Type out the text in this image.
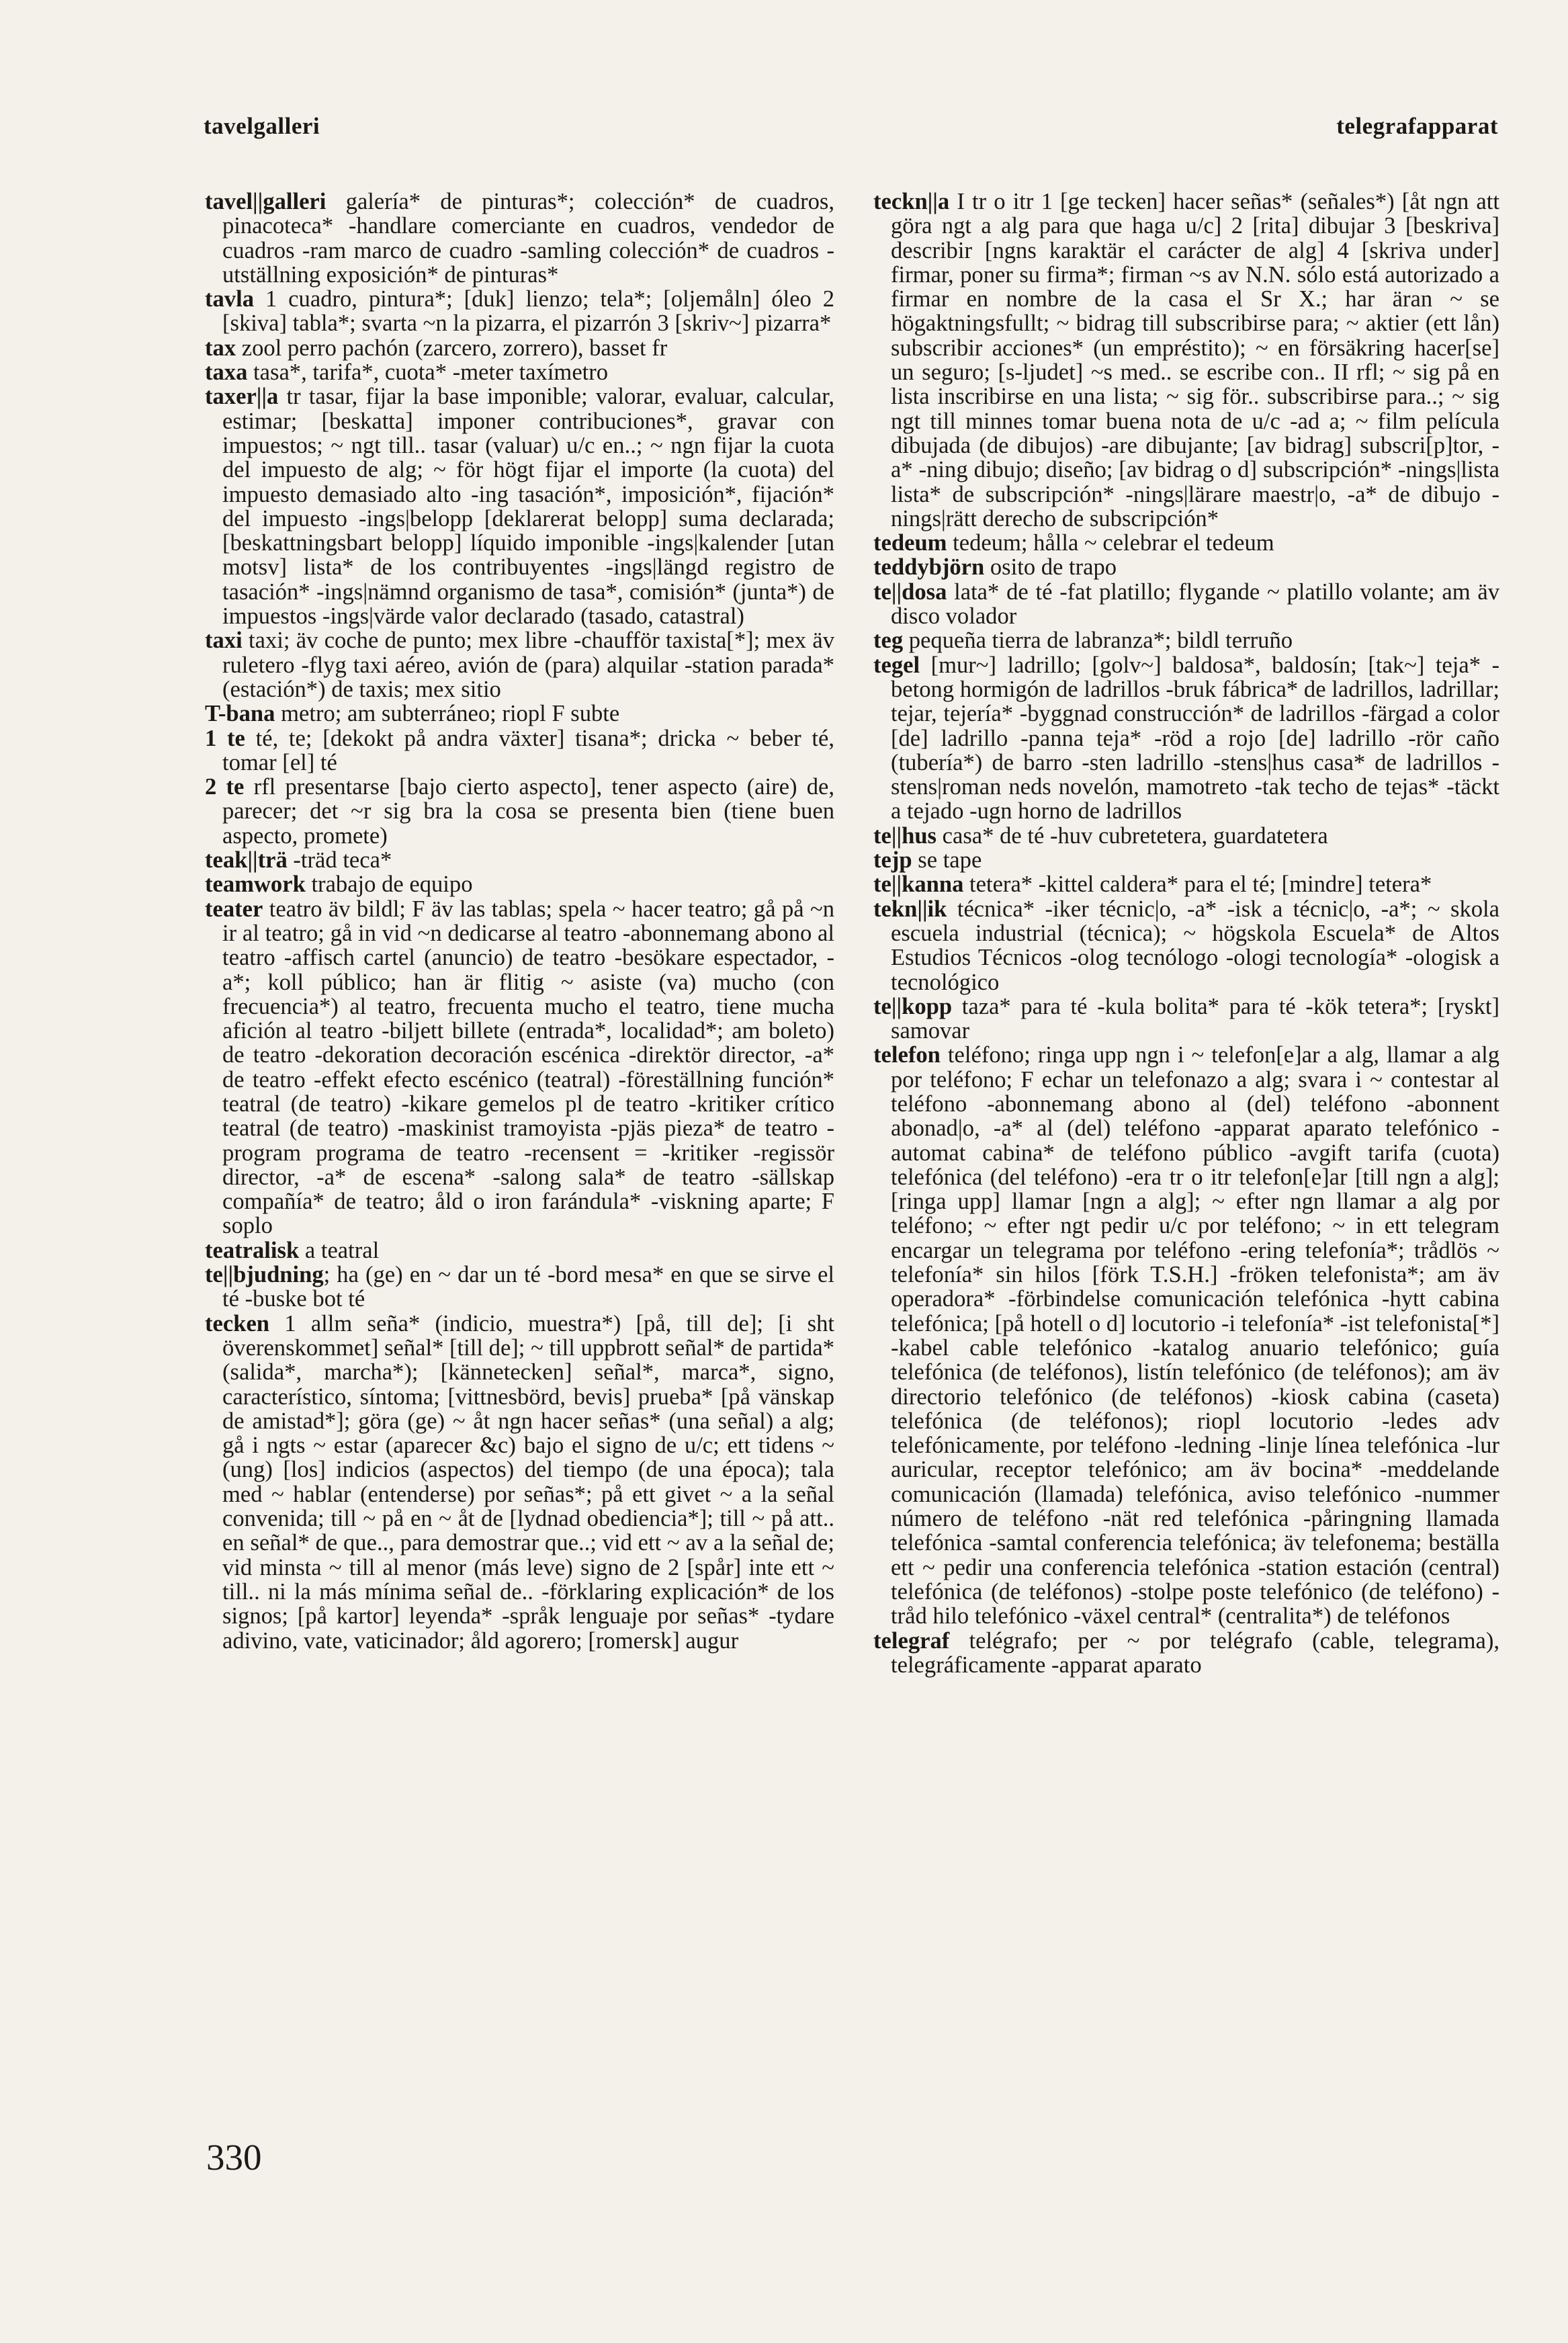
tavelgalleri	telegrafapparat

tavel||galleri galería* de pinturas*; colección* de cuadros, pinacoteca* -handlare comerciante en cuadros, vendedor de cuadros -ram marco de cuadro -samling colección* de cuadros -utställning exposición* de pinturas*

tavla 1 cuadro, pintura*; [duk] lienzo; tela*; [oljemåln] óleo 2 [skiva] tabla*; svarta ~n la pizarra, el pizarrón 3 [skriv~] pizarra*

tax zool perro pachón (zarcero, zorrero), basset fr

taxa tasa*, tarifa*, cuota* -meter taxímetro

taxer||a tr tasar, fijar la base imponible; valorar, evaluar, calcular, estimar; [beskatta] imponer contribuciones*, gravar con impuestos; ~ ngt till.. tasar (valuar) u/c en..; ~ ngn fijar la cuota del impuesto de alg; ~ för högt fijar el importe (la cuota) del impuesto demasiado alto -ing tasación*, imposición*, fijación* del impuesto -ings|belopp [deklarerat belopp] suma declarada; [beskattningsbart belopp] líquido imponible -ings|kalender [utan motsv] lista* de los contribuyentes -ings|längd registro de tasación* -ings|nämnd organismo de tasa*, comisión* (junta*) de impuestos -ings|värde valor declarado (tasado, catastral)

taxi taxi; äv coche de punto; mex libre -chaufför taxista[*]; mex äv ruletero -flyg taxi aéreo, avión de (para) alquilar -station parada* (estación*) de taxis; mex sitio

T-bana metro; am subterráneo; riopl F subte

1 te té, te; [dekokt på andra växter] tisana*; dricka ~ beber té, tomar [el] té

2 te rfl presentarse [bajo cierto aspecto], tener aspecto (aire) de, parecer; det ~r sig bra la cosa se presenta bien (tiene buen aspecto, promete)

teak||trä -träd teca*

teamwork trabajo de equipo

teater teatro äv bildl; F äv las tablas; spela ~ hacer teatro; gå på ~n ir al teatro; gå in vid ~n dedicarse al teatro -abonnemang abono al teatro -affisch cartel (anuncio) de teatro -besökare espectador, -a*; koll público; han är flitig ~ asiste (va) mucho (con frecuencia*) al teatro, frecuenta mucho el teatro, tiene mucha afición al teatro -biljett billete (entrada*, localidad*; am boleto) de teatro -dekoration decoración escénica -direktör director, -a* de teatro -effekt efecto escénico (teatral) -föreställning función* teatral (de teatro) -kikare gemelos pl de teatro -kritiker crítico teatral (de teatro) -maskinist tramoyista -pjäs pieza* de teatro -program programa de teatro -recensent = -kritiker -regissör director, -a* de escena* -salong sala* de teatro -sällskap compañía* de teatro; åld o iron farándula* -viskning aparte; F soplo

teatralisk a teatral

te||bjudning; ha (ge) en ~ dar un té -bord mesa* en que se sirve el té -buske bot té

tecken 1 allm seña* (indicio, muestra*) [på, till de]; [i sht överenskommet] señal* [till de]; ~ till uppbrott señal* de partida* (salida*, marcha*); [kännetecken] señal*, marca*, signo, característico, síntoma; [vittnesbörd, bevis] prueba* [på vänskap de amistad*]; göra (ge) ~ åt ngn hacer señas* (una señal) a alg; gå i ngts ~ estar (aparecer &c) bajo el signo de u/c; ett tidens ~ (ung) [los] indicios (aspectos) del tiempo (de una época); tala med ~ hablar (entenderse) por señas*; på ett givet ~ a la señal convenida; till ~ på en ~ åt de [lydnad obediencia*]; till ~ på att.. en señal* de que.., para demostrar que..; vid ett ~ av a la señal de; vid minsta ~ till al menor (más leve) signo de 2 [spår] inte ett ~ till.. ni la más mínima señal de.. -förklaring explicación* de los signos; [på kartor] leyenda* -språk lenguaje por señas* -tydare adivino, vate, vaticinador; åld agorero; [romersk] augur

teckn||a I tr o itr 1 [ge tecken] hacer señas* (señales*) [åt ngn att göra ngt a alg para que haga u/c] 2 [rita] dibujar 3 [beskriva] describir [ngns karaktär el carácter de alg] 4 [skriva under] firmar, poner su firma*; firman ~s av N.N. sólo está autorizado a firmar en nombre de la casa el Sr X.; har äran ~ se högaktningsfullt; ~ bidrag till subscribirse para; ~ aktier (ett lån) subscribir acciones* (un empréstito); ~ en försäkring hacer[se] un seguro; [s-ljudet] ~s med.. se escribe con.. II rfl; ~ sig på en lista inscribirse en una lista; ~ sig för.. subscribirse para..; ~ sig ngt till minnes tomar buena nota de u/c -ad a; ~ film película dibujada (de dibujos) -are dibujante; [av bidrag] subscri[p]tor, -a* -ning dibujo; diseño; [av bidrag o d] subscripción* -nings|lista lista* de subscripción* -nings|lärare maestr|o, -a* de dibujo -nings|rätt derecho de subscripción*

tedeum tedeum; hålla ~ celebrar el tedeum

teddybjörn osito de trapo

te||dosa lata* de té -fat platillo; flygande ~ platillo volante; am äv disco volador

teg pequeña tierra de labranza*; bildl terruño

tegel [mur~] ladrillo; [golv~] baldosa*, baldosín; [tak~] teja* -betong hormigón de ladrillos -bruk fábrica* de ladrillos, ladrillar; tejar, tejería* -byggnad construcción* de ladrillos -färgad a color [de] ladrillo -panna teja* -röd a rojo [de] ladrillo -rör caño (tubería*) de barro -sten ladrillo -stens|hus casa* de ladrillos -stens|roman neds novelón, mamotreto -tak techo de tejas* -täckt a tejado -ugn horno de ladrillos

te||hus casa* de té -huv cubretetera, guardatetera

tejp se tape

te||kanna tetera* -kittel caldera* para el té; [mindre] tetera*

tekn||ik técnica* -iker técnic|o, -a* -isk a técnic|o, -a*; ~ skola escuela industrial (técnica); ~ högskola Escuela* de Altos Estudios Técnicos -olog tecnólogo -ologi tecnología* -ologisk a tecnológico

te||kopp taza* para té -kula bolita* para té -kök tetera*; [ryskt] samovar

telefon teléfono; ringa upp ngn i ~ telefon[e]ar a alg, llamar a alg por teléfono; F echar un telefonazo a alg; svara i ~ contestar al teléfono -abonnemang abono al (del) teléfono -abonnent abonad|o, -a* al (del) teléfono -apparat aparato telefónico -automat cabina* de teléfono público -avgift tarifa (cuota) telefónica (del teléfono) -era tr o itr telefon[e]ar [till ngn a alg]; [ringa upp] llamar [ngn a alg]; ~ efter ngn llamar a alg por teléfono; ~ efter ngt pedir u/c por teléfono; ~ in ett telegram encargar un telegrama por teléfono -ering telefonía*; trådlös ~ telefonía* sin hilos [förk T.S.H.] -fröken telefonista*; am äv operadora* -förbindelse comunicación telefónica -hytt cabina telefónica; [på hotell o d] locutorio -i telefonía* -ist telefonista[*] -kabel cable telefónico -katalog anuario telefónico; guía telefónica (de teléfonos), listín telefónico (de teléfonos); am äv directorio telefónico (de teléfonos) -kiosk cabina (caseta) telefónica (de teléfonos); riopl locutorio -ledes adv telefónicamente, por teléfono -ledning -linje línea telefónica -lur auricular, receptor telefónico; am äv bocina* -meddelande comunicación (llamada) telefónica, aviso telefónico -nummer número de teléfono -nät red telefónica -påringning llamada telefónica -samtal conferencia telefónica; äv telefonema; beställa ett ~ pedir una conferencia telefónica -station estación (central) telefónica (de teléfonos) -stolpe poste telefónico (de teléfono) -tråd hilo telefónico -växel central* (centralita*) de teléfonos

telegraf telégrafo; per ~ por telégrafo (cable, telegrama), telegráficamente -apparat aparato

330
